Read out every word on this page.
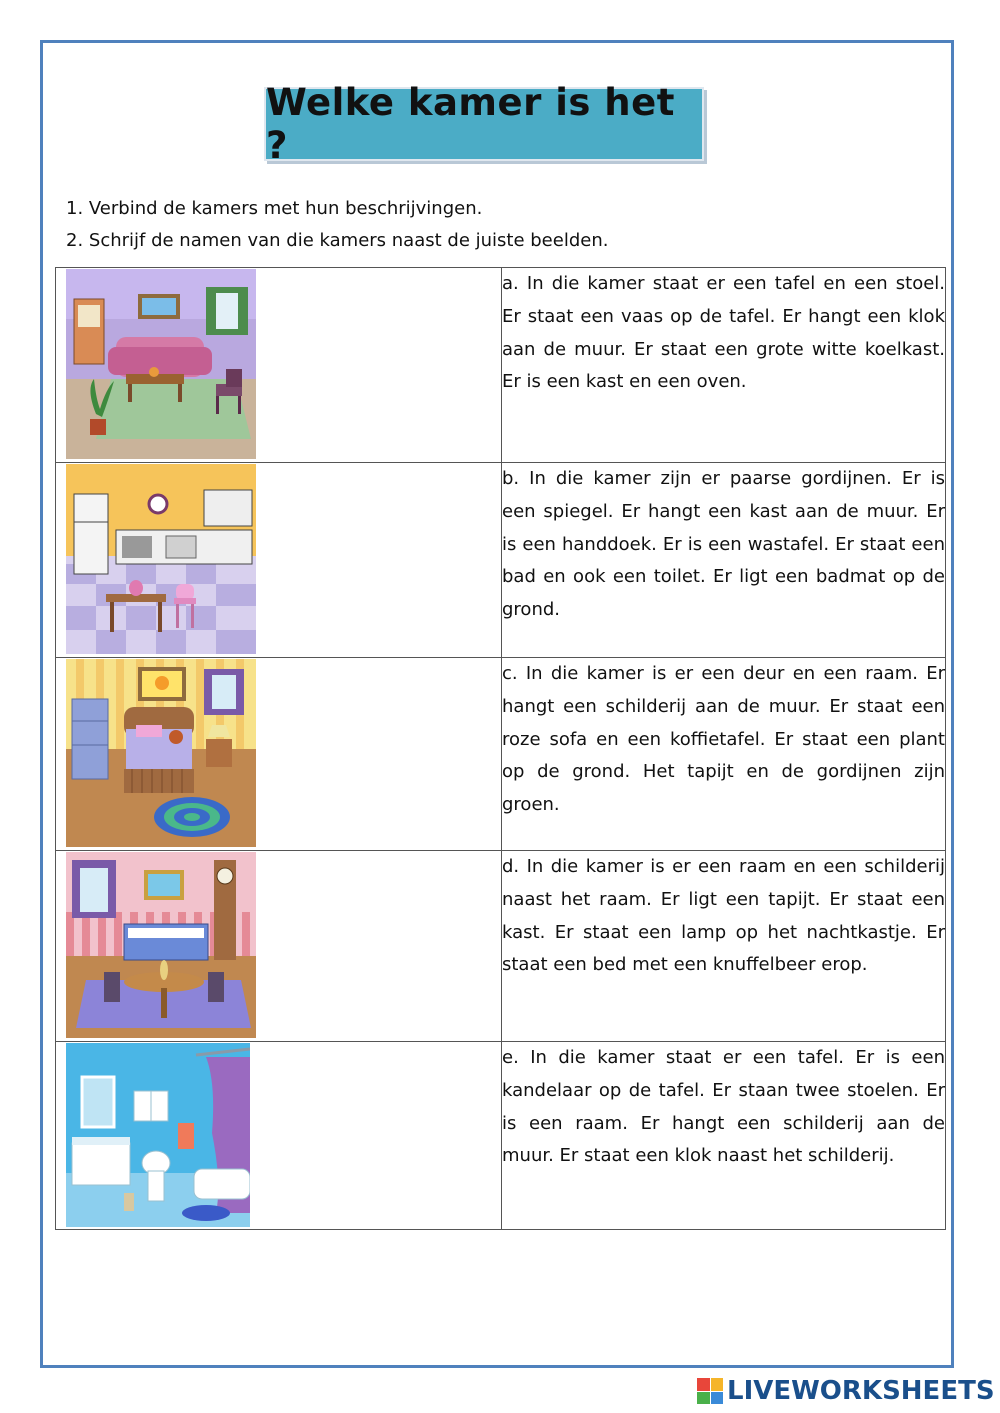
Welke kamer is het ?
1. Verbind de kamers met hun beschrijvingen.
2. Schrijf de namen van die kamers naast de juiste beelden.
	a. In die kamer staat er een tafel en een stoel. Er staat een vaas op de tafel. Er hangt een klok aan de muur. Er staat een grote witte koelkast. Er is een kast en een oven.

	b. In die kamer zijn er paarse gordijnen. Er is een spiegel. Er hangt een kast aan de muur. Er is een handdoek. Er is een wastafel. Er staat een bad en ook een toilet. Er ligt een badmat op de grond.

	c. In die kamer is er een deur en een raam. Er hangt een schilderij aan de muur. Er staat een roze sofa en een koffietafel. Er staat een plant op de grond. Het tapijt en de gordijnen zijn groen.

	d. In die kamer is er een raam en een schilderij naast het raam. Er ligt een tapijt. Er staat een kast. Er staat een lamp op het nachtkastje. Er staat een bed met een knuffelbeer erop.

	e. In die kamer staat er een tafel. Er is een kandelaar op de tafel. Er staan twee stoelen. Er is een raam. Er hangt een schilderij aan de muur. Er staat een klok naast het schilderij.
LIVEWORKSHEETS
